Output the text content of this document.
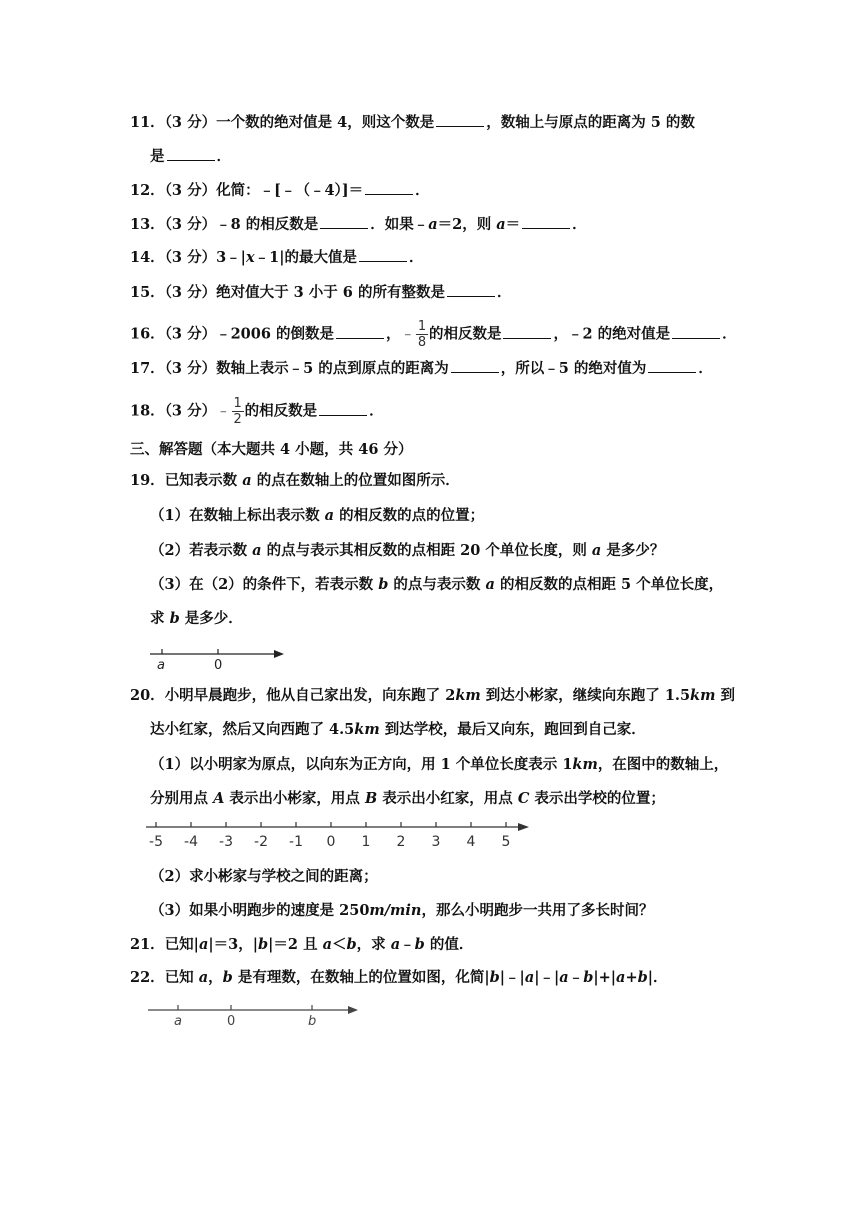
11．（3 分）一个数的绝对值是 4，则这个数是	，数轴上与原点的距离为 5 的数
是	．
12．（3 分）化简：﹣[﹣（﹣4）]＝	．
13．（3 分）﹣8 的相反数是	．如果﹣a＝2，则 a＝	．
14．（3 分）3﹣|x﹣1|的最大值是	．
15．（3 分）绝对值大于 3 小于 6 的所有整数是	．
16．（3 分）﹣2006 的倒数是	，﹣ $\frac{1}{8}$ 的相反数是	，﹣2 的绝对值是	．
17．（3 分）数轴上表示﹣5 的点到原点的距离为	，所以﹣5 的绝对值为	．
18．（3 分）﹣ $\frac{1}{2}$ 的相反数是	．
三、解答题（本大题共 4 小题，共 46 分）
19．已知表示数 a 的点在数轴上的位置如图所示．
（1）在数轴上标出表示数 a 的相反数的点的位置；
（2）若表示数 a 的点与表示其相反数的点相距 20 个单位长度，则 a 是多少？
（3）在（2）的条件下，若表示数 b 的点与表示数 a 的相反数的点相距 5 个单位长度，
求 b 是多少．
a	0
20．小明早晨跑步，他从自己家出发，向东跑了 2km 到达小彬家，继续向东跑了 1.5km 到
达小红家，然后又向西跑了 4.5km 到达学校，最后又向东，跑回到自己家．
（1）以小明家为原点，以向东为正方向，用 1 个单位长度表示 1km，在图中的数轴上，
分别用点 A 表示出小彬家，用点 B 表示出小红家，用点 C 表示出学校的位置；
-5 -4 -3 -2 -1 0 1 2 3 4 5
（2）求小彬家与学校之间的距离；
（3）如果小明跑步的速度是 250m/min，那么小明跑步一共用了多长时间？
21．已知|a|＝3，|b|＝2 且 a＜b，求 a﹣b 的值．
22．已知 a，b 是有理数，在数轴上的位置如图，化简|b|﹣|a|﹣|a﹣b|+|a+b|．
a	0	b
